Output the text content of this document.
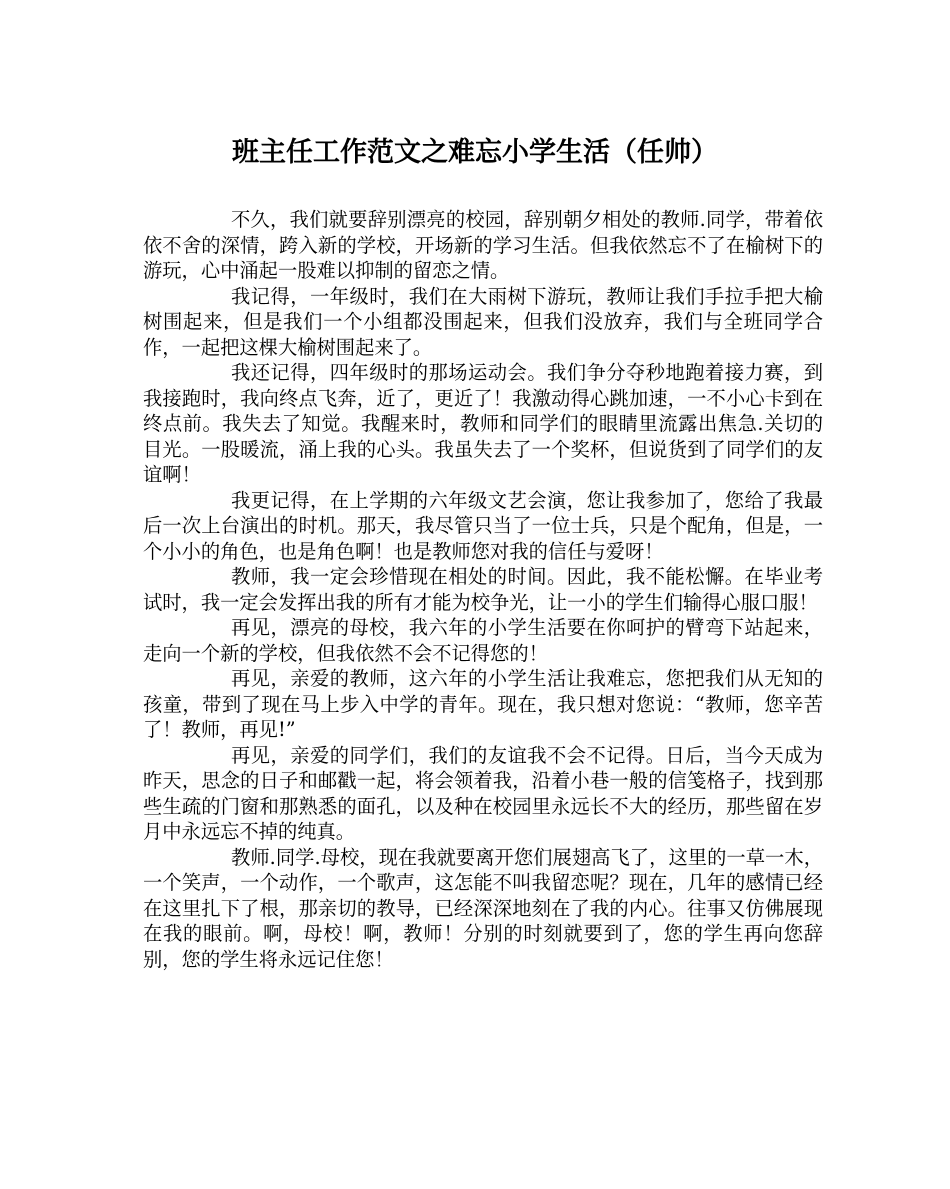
班主任工作范文之难忘小学生活（任帅）

不久，我们就要辞别漂亮的校园，辞别朝夕相处的教师.同学，带着依依不舍的深情，跨入新的学校，开场新的学习生活。但我依然忘不了在榆树下的游玩，心中涌起一股难以抑制的留恋之情。

我记得，一年级时，我们在大雨树下游玩，教师让我们手拉手把大榆树围起来，但是我们一个小组都没围起来，但我们没放弃，我们与全班同学合作，一起把这棵大榆树围起来了。

我还记得，四年级时的那场运动会。我们争分夺秒地跑着接力赛，到我接跑时，我向终点飞奔，近了，更近了！我激动得心跳加速，一不小心卡到在终点前。我失去了知觉。我醒来时，教师和同学们的眼睛里流露出焦急.关切的目光。一股暖流，涌上我的心头。我虽失去了一个奖杯，但说货到了同学们的友谊啊！

我更记得，在上学期的六年级文艺会演，您让我参加了，您给了我最后一次上台演出的时机。那天，我尽管只当了一位士兵，只是个配角，但是，一个小小的角色，也是角色啊！也是教师您对我的信任与爱呀！

教师，我一定会珍惜现在相处的时间。因此，我不能松懈。在毕业考试时，我一定会发挥出我的所有才能为校争光，让一小的学生们输得心服口服！

再见，漂亮的母校，我六年的小学生活要在你呵护的臂弯下站起来，走向一个新的学校，但我依然不会不记得您的！

再见，亲爱的教师，这六年的小学生活让我难忘，您把我们从无知的孩童，带到了现在马上步入中学的青年。现在，我只想对您说：“教师，您辛苦了！教师，再见!”

再见，亲爱的同学们，我们的友谊我不会不记得。日后，当今天成为昨天，思念的日子和邮戳一起，将会领着我，沿着小巷一般的信笺格子，找到那些生疏的门窗和那熟悉的面孔，以及种在校园里永远长不大的经历，那些留在岁月中永远忘不掉的纯真。

教师.同学.母校，现在我就要离开您们展翅高飞了，这里的一草一木，一个笑声，一个动作，一个歌声，这怎能不叫我留恋呢？现在，几年的感情已经在这里扎下了根，那亲切的教导，已经深深地刻在了我的内心。往事又仿佛展现在我的眼前。啊，母校！啊，教师！分别的时刻就要到了，您的学生再向您辞别，您的学生将永远记住您！
